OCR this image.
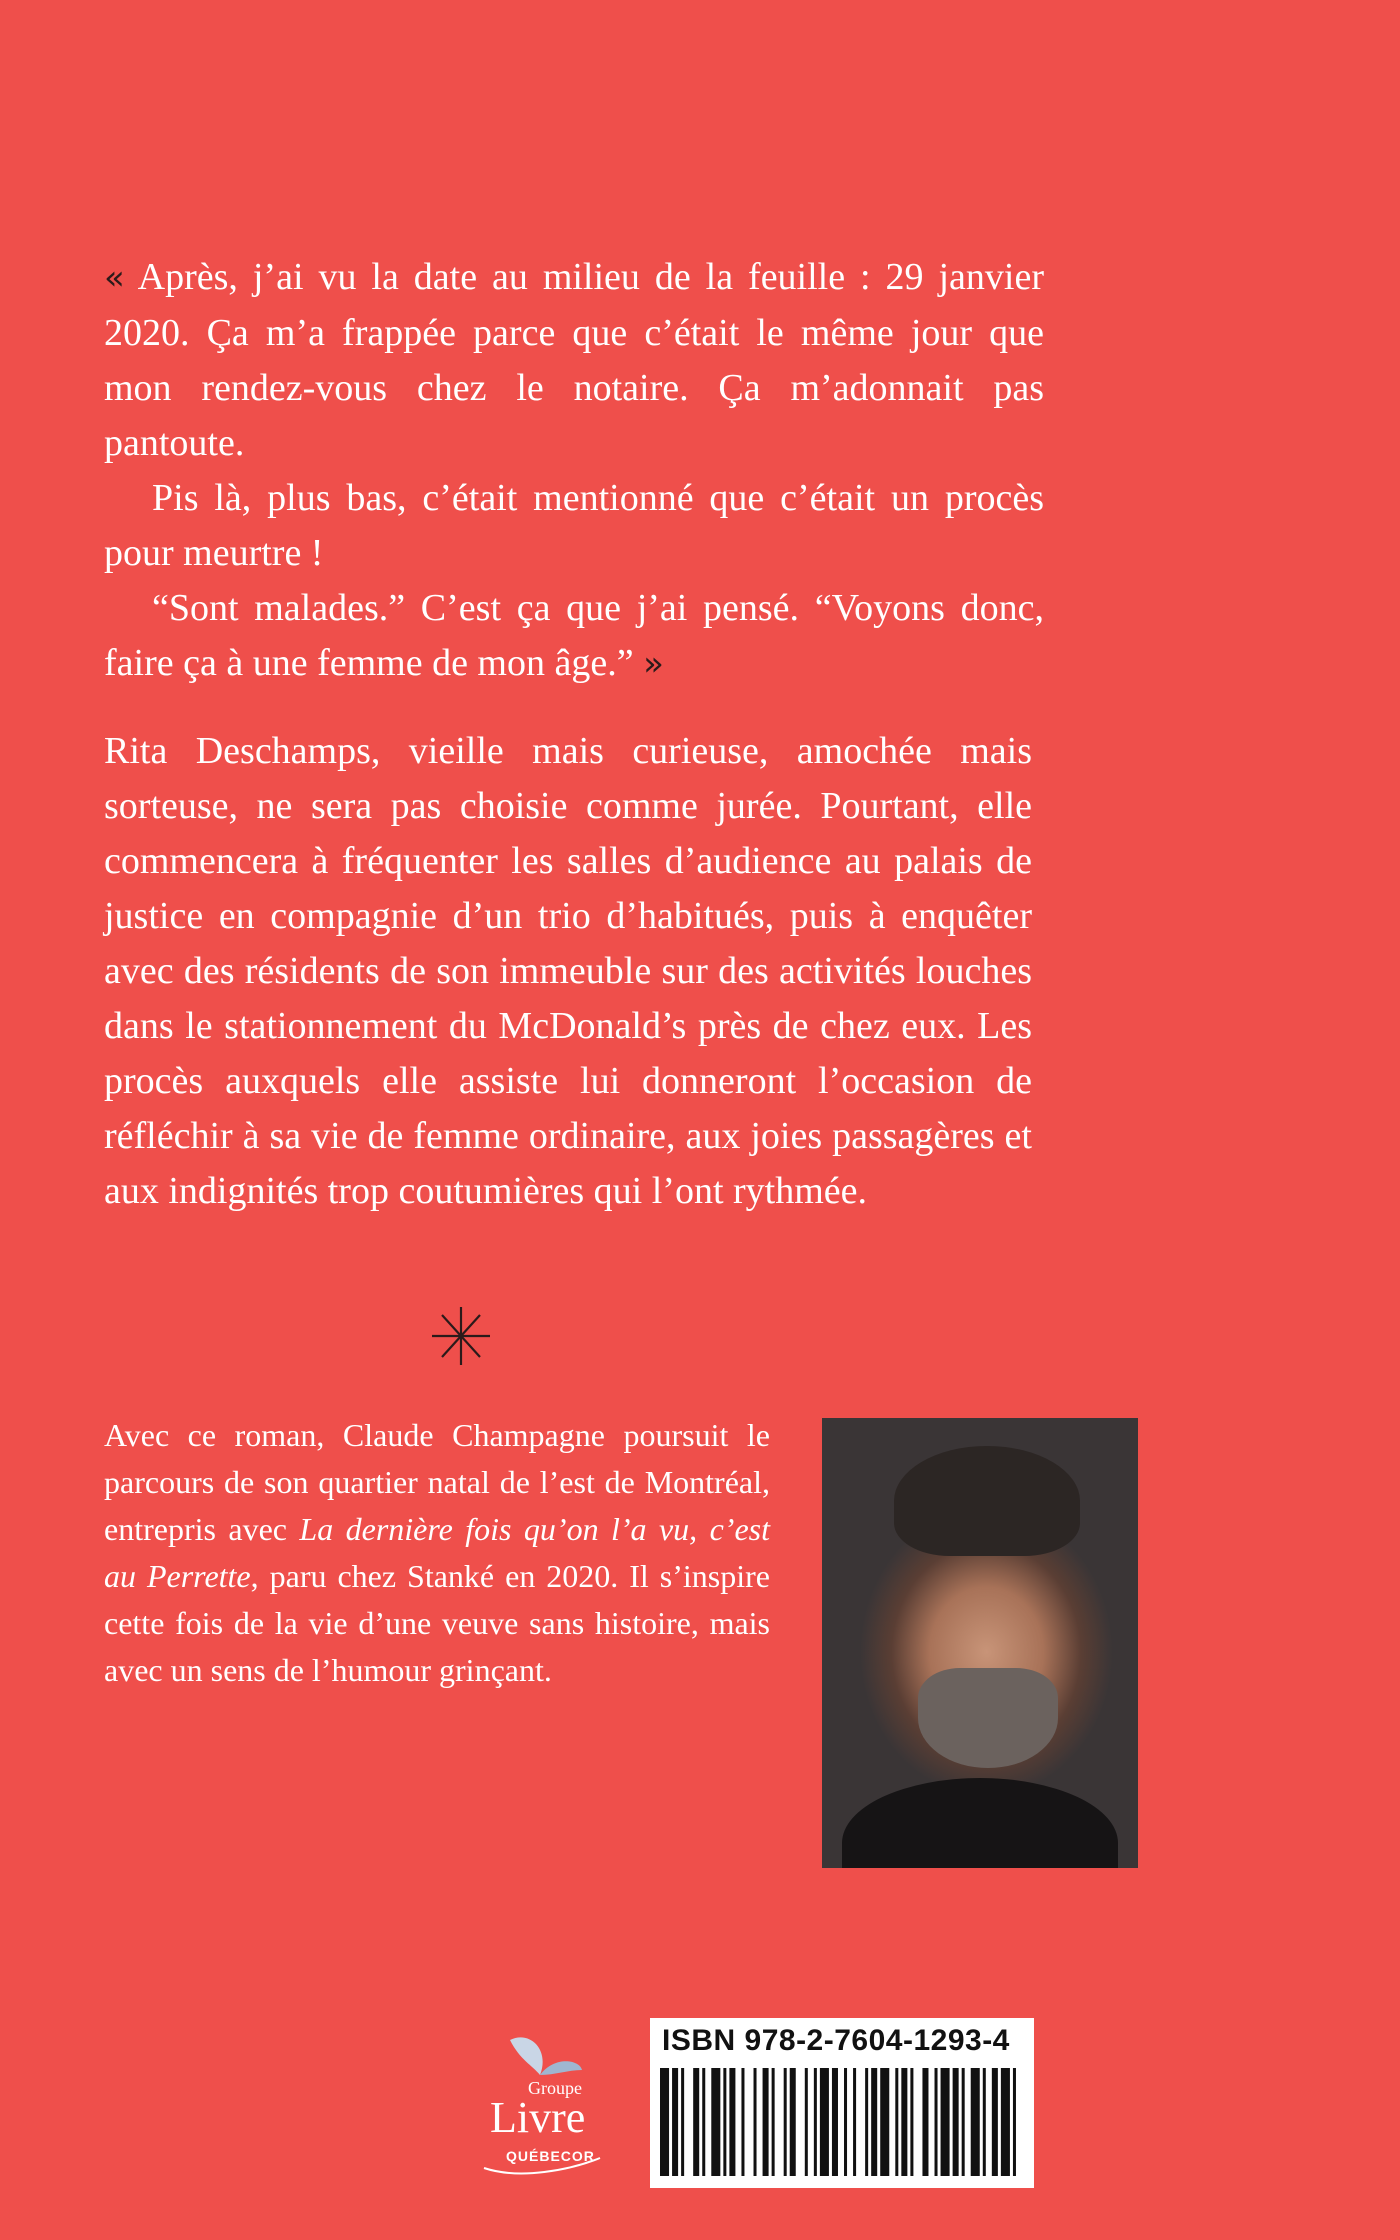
« Après, j’ai vu la date au milieu de la feuille : 29 janvier 2020. Ça m’a frappée parce que c’était le même jour que mon rendez-vous chez le notaire. Ça m’adonnait pas pantoute.

Pis là, plus bas, c’était mentionné que c’était un procès pour meurtre !

“Sont malades.” C’est ça que j’ai pensé. “Voyons donc, faire ça à une femme de mon âge.” »

Rita Deschamps, vieille mais curieuse, amochée mais sorteuse, ne sera pas choisie comme jurée. Pourtant, elle commencera à fréquenter les salles d’audience au palais de justice en compagnie d’un trio d’habitués, puis à enquêter avec des résidents de son immeuble sur des activités louches dans le stationnement du McDonald’s près de chez eux. Les procès auxquels elle assiste lui donneront l’occasion de réfléchir à sa vie de femme ordinaire, aux joies passagères et aux indignités trop coutumières qui l’ont rythmée.

Avec ce roman, Claude Champagne poursuit le parcours de son quartier natal de l’est de Montréal, entrepris avec La dernière fois qu’on l’a vu, c’est au Perrette, paru chez Stanké en 2020. Il s’inspire cette fois de la vie d’une veuve sans histoire, mais avec un sens de l’humour grinçant.

Groupe
Livre
QUÉBECOR
ISBN 978-2-7604-1293-4
